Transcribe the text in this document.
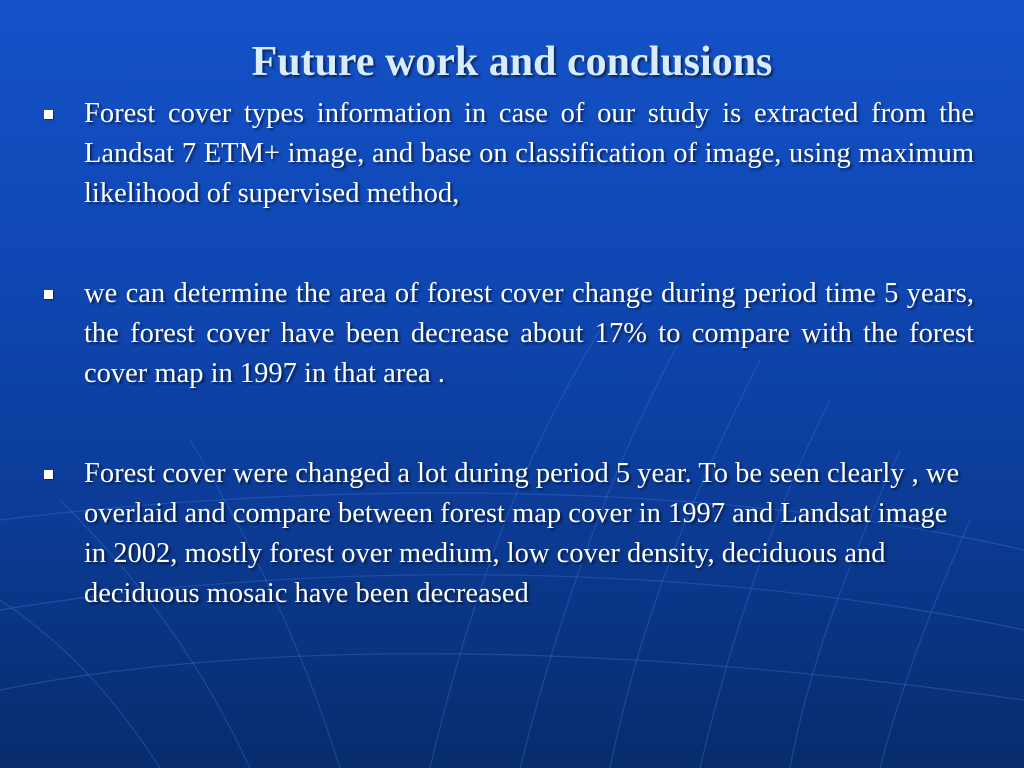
Future work and conclusions
Forest cover types information in case of our study is extracted from the Landsat 7 ETM+ image, and base on classification of image, using maximum likelihood of supervised method,
we can determine the area of forest cover change during period time 5 years, the forest cover have been decrease about 17% to compare with the forest cover map in 1997 in that area .
Forest cover were changed a lot during period 5 year. To be seen clearly , we overlaid and compare between forest map cover in 1997 and Landsat image in 2002, mostly forest over medium, low cover density, deciduous and deciduous mosaic have been decreased
